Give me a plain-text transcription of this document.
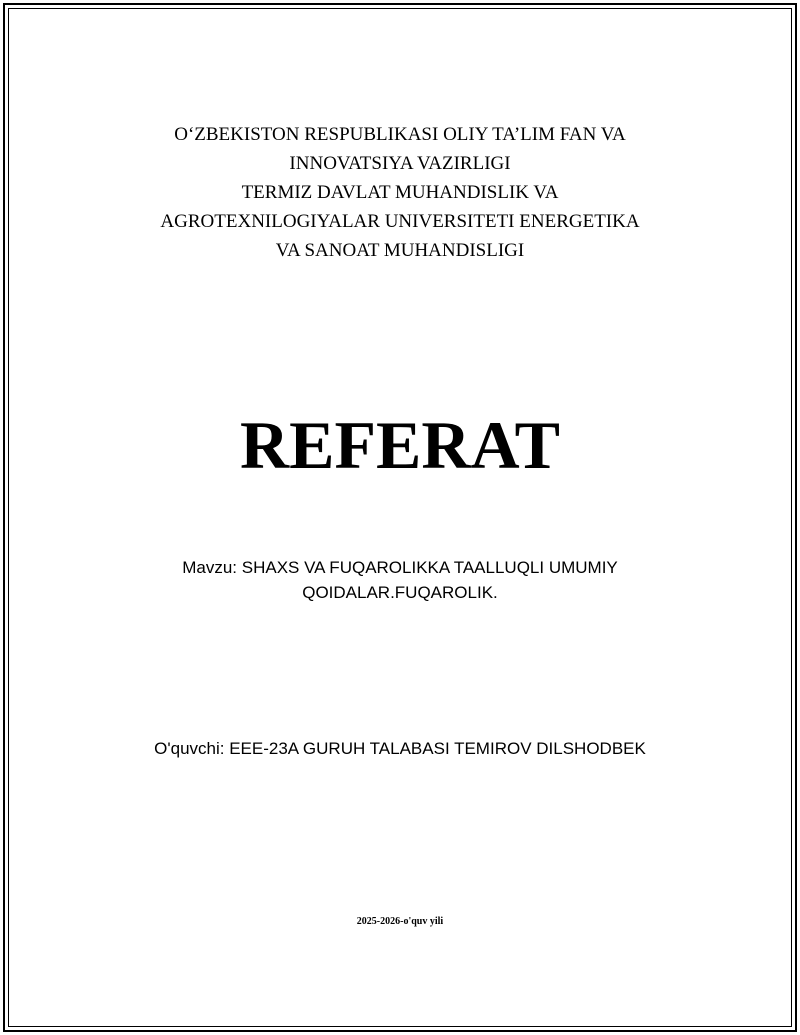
O‘ZBEKISTON RESPUBLIKASI OLIY TA’LIM FAN VA
INNOVATSIYA VAZIRLIGI
TERMIZ DAVLAT MUHANDISLIK VA
AGROTEXNILOGIYALAR UNIVERSITETI ENERGETIKA
VA SANOAT MUHANDISLIGI
REFERAT
Mavzu: SHAXS VA FUQAROLIKKA TAALLUQLI UMUMIY
QOIDALAR.FUQAROLIK.
O'quvchi: EEE-23A GURUH TALABASI TEMIROV DILSHODBEK
2025-2026-o'quv yili
